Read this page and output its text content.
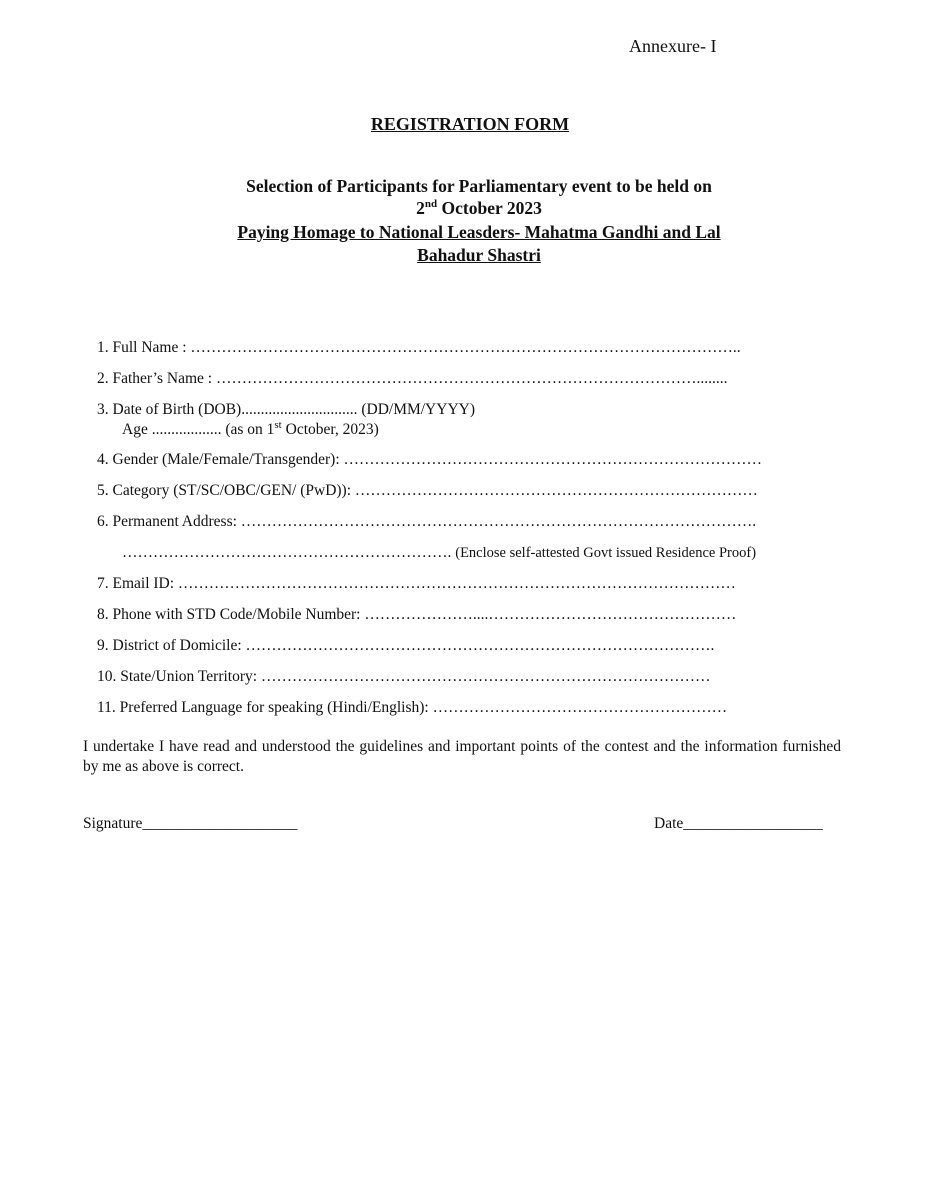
Annexure- I
REGISTRATION FORM
Selection of Participants for Parliamentary event to be held on
2nd October 2023
Paying Homage to National Leasders- Mahatma Gandhi and Lal
Bahadur Shastri
1. Full Name : ……………………………………………………………………………………………..
2. Father’s Name : …………………………………………………………………………………........
3. Date of Birth (DOB).............................. (DD/MM/YYYY)
Age .................. (as on 1st October, 2023)
4. Gender (Male/Female/Transgender): ………………………………………………………………………
5. Category (ST/SC/OBC/GEN/ (PwD)): ……………………………………………………………………
6. Permanent Address: ……………………………………………………………………………………….
………………………………………………………. (Enclose self-attested Govt issued Residence Proof)
7. Email ID: ………………………………………………………………………………………………
8. Phone with STD Code/Mobile Number: …………………....…………………………………………
9. District of Domicile: ……………………………………………………………………………….
10. State/Union Territory: ……………………………………………………………………………
11. Preferred Language for speaking (Hindi/English): …………………………………………………
I undertake I have read and understood the guidelines and important points of the contest and the information furnished by me as above is correct.
Signature____________________	Date__________________
